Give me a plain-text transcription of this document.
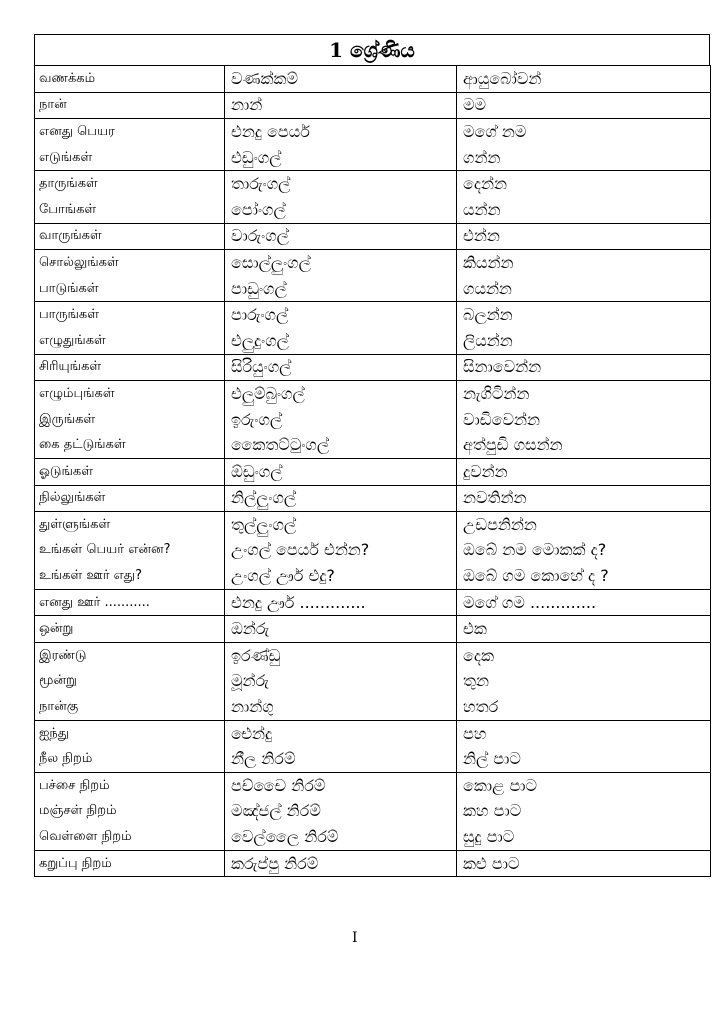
1 ශ්‍රේණිය
வணக்கம்	වණක්කම්	ආයුබෝවන්
நான்	නාන්	මම
எனது பெயர	එනදු පෙයර්	මගේ නම
எடுங்கள்	එඩුංගල්	ගන්න
தாருங்கள்	තාරුංගල්	දෙන්න
போங்கள்	පෝංගල්	යන්න
வாருங்கள்	වාරුංගල්	එන්න
சொல்லுங்கள்	සොල්ලුංගල්	කියන්න
பாடுங்கள்	පාඩුංගල්	ගයන්න
பாருங்கள்	පාරුංගල්	බලන්න
எழுதுங்கள்	එලුදුංගල්	ලියන්න
சிரியுங்கள்	සිරියුංගල්	සිනාවෙන්න
எழும்புங்கள்	එලුම්බුංගල්	නැගිටින්න
இருங்கள்	ඉරුංගල්	වාඩිවෙන්න
கை தட்டுங்கள்	කෛතට්ටුංගල්	අත්පුඩි ගසන්න
ஓடுங்கள்	ඕඩුංගල්	දුවන්න
நில்லுங்கள்	නිල්ලුංගල්	නවතින්න
துள்ளுங்கள்	තුල්ලුංගල්	උඩපනින්න
உங்கள் பெயர் என்ன?	උංගල් පෙයර් එන්න?	ඔබේ නම මොකක් ද?
உங்கள் ஊர் எது?	උංගල් ඌර් එදු?	ඔබේ ගම කොහේ ද ?
எனது ஊர் ...........	එනදු ඌර් .............	මගේ ගම .............
ஒன்று	ඔන්රු	එක
இரண்டு	ඉරණ්ඩු	දෙක
மூன்று	මූන්රු	තුන
நான்கு	නාන්ගු	හතර
ஐந்து	ඓන්දු	පහ
நீல நிறம்	නීල නිරම්	නිල් පාට
பச்சை நிறம்	පච්චෛ නිරම්	කොළ පාට
மஞ்சள் நிறம்	මඤ්ජල් නිරම්	කහ පාට
வெள்ளை நிறம்	වෙල්ලෛ නිරම්	සුදු පාට
கறுப்பு நிறம்	කරුප්පු නිරම්	කළු පාට
I
